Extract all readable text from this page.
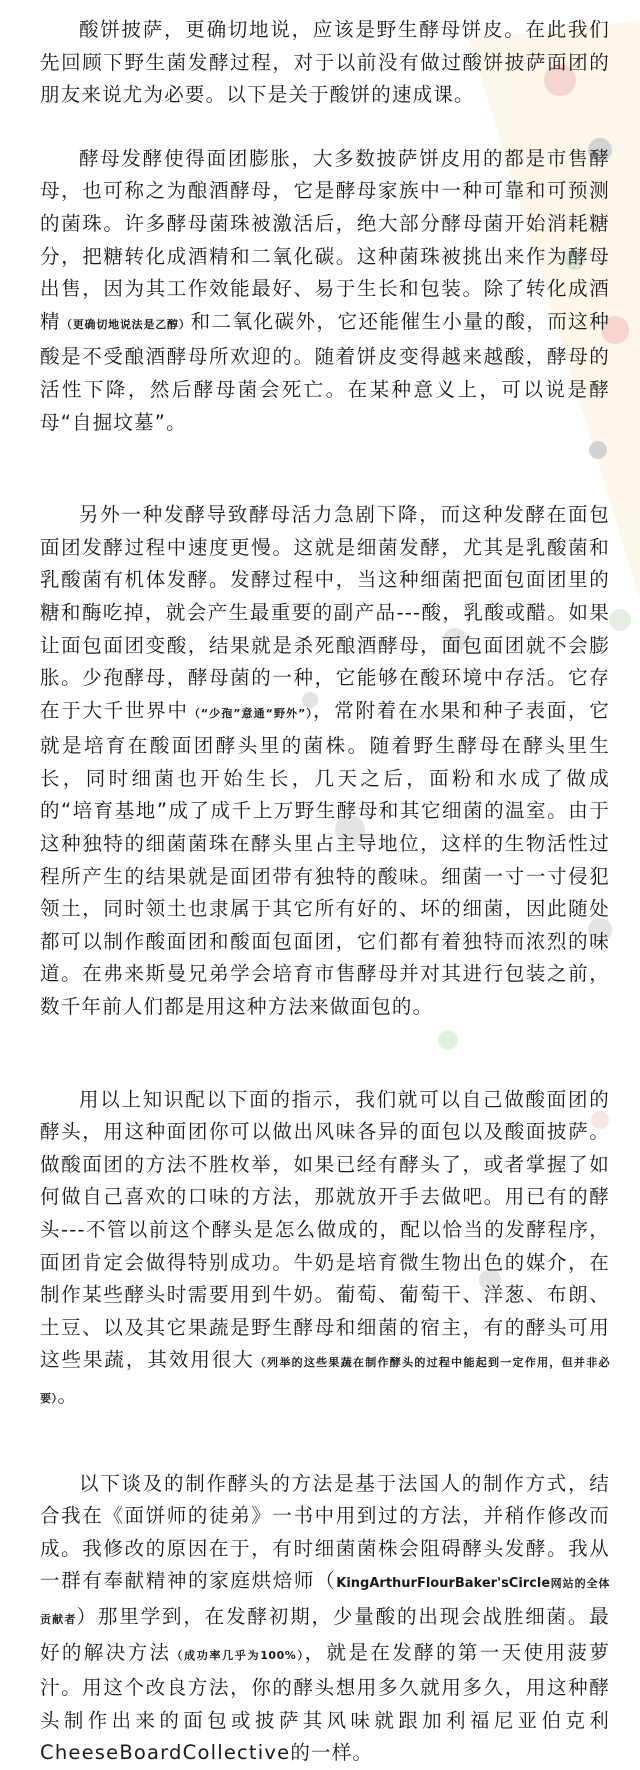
酸饼披萨，更确切地说，应该是野生酵母饼皮。在此我们先回顾下野生菌发酵过程，对于以前没有做过酸饼披萨面团的朋友来说尤为必要。以下是关于酸饼的速成课。

酵母发酵使得面团膨胀，大多数披萨饼皮用的都是市售酵母，也可称之为酿酒酵母，它是酵母家族中一种可靠和可预测的菌珠。许多酵母菌珠被激活后，绝大部分酵母菌开始消耗糖分，把糖转化成酒精和二氧化碳。这种菌珠被挑出来作为酵母出售，因为其工作效能最好、易于生长和包装。除了转化成酒精（更确切地说法是乙醇）和二氧化碳外，它还能催生小量的酸，而这种酸是不受酿酒酵母所欢迎的。随着饼皮变得越来越酸，酵母的活性下降，然后酵母菌会死亡。在某种意义上，可以说是酵母“自掘坟墓”。

另外一种发酵导致酵母活力急剧下降，而这种发酵在面包面团发酵过程中速度更慢。这就是细菌发酵，尤其是乳酸菌和乳酸菌有机体发酵。发酵过程中，当这种细菌把面包面团里的糖和酶吃掉，就会产生最重要的副产品---酸，乳酸或醋。如果让面包面团变酸，结果就是杀死酿酒酵母，面包面团就不会膨胀。少孢酵母，酵母菌的一种，它能够在酸环境中存活。它存在于大千世界中（“少孢”意通“野外”），常附着在水果和种子表面，它就是培育在酸面团酵头里的菌株。随着野生酵母在酵头里生长，同时细菌也开始生长，几天之后，面粉和水成了做成的“培育基地”成了成千上万野生酵母和其它细菌的温室。由于这种独特的细菌菌珠在酵头里占主导地位，这样的生物活性过程所产生的结果就是面团带有独特的酸味。细菌一寸一寸侵犯领土，同时领土也隶属于其它所有好的、坏的细菌，因此随处都可以制作酸面团和酸面包面团，它们都有着独特而浓烈的味道。在弗来斯曼兄弟学会培育市售酵母并对其进行包装之前，数千年前人们都是用这种方法来做面包的。

用以上知识配以下面的指示，我们就可以自己做酸面团的酵头，用这种面团你可以做出风味各异的面包以及酸面披萨。做酸面团的方法不胜枚举，如果已经有酵头了，或者掌握了如何做自己喜欢的口味的方法，那就放开手去做吧。用已有的酵头---不管以前这个酵头是怎么做成的，配以恰当的发酵程序，面团肯定会做得特别成功。牛奶是培育微生物出色的媒介，在制作某些酵头时需要用到牛奶。葡萄、葡萄干、洋葱、布朗、土豆、以及其它果蔬是野生酵母和细菌的宿主，有的酵头可用这些果蔬，其效用很大（列举的这些果蔬在制作酵头的过程中能起到一定作用，但并非必要）。

以下谈及的制作酵头的方法是基于法国人的制作方式，结合我在《面饼师的徒弟》一书中用到过的方法，并稍作修改而成。我修改的原因在于，有时细菌菌株会阻碍酵头发酵。我从一群有奉献精神的家庭烘焙师（KingArthurFlourBaker'sCircle网站的全体贡献者）那里学到，在发酵初期，少量酸的出现会战胜细菌。最好的解决方法（成功率几乎为100%），就是在发酵的第一天使用菠萝汁。用这个改良方法，你的酵头想用多久就用多久，用这种酵头制作出来的面包或披萨其风味就跟加利福尼亚伯克利CheeseBoardCollective的一样。
